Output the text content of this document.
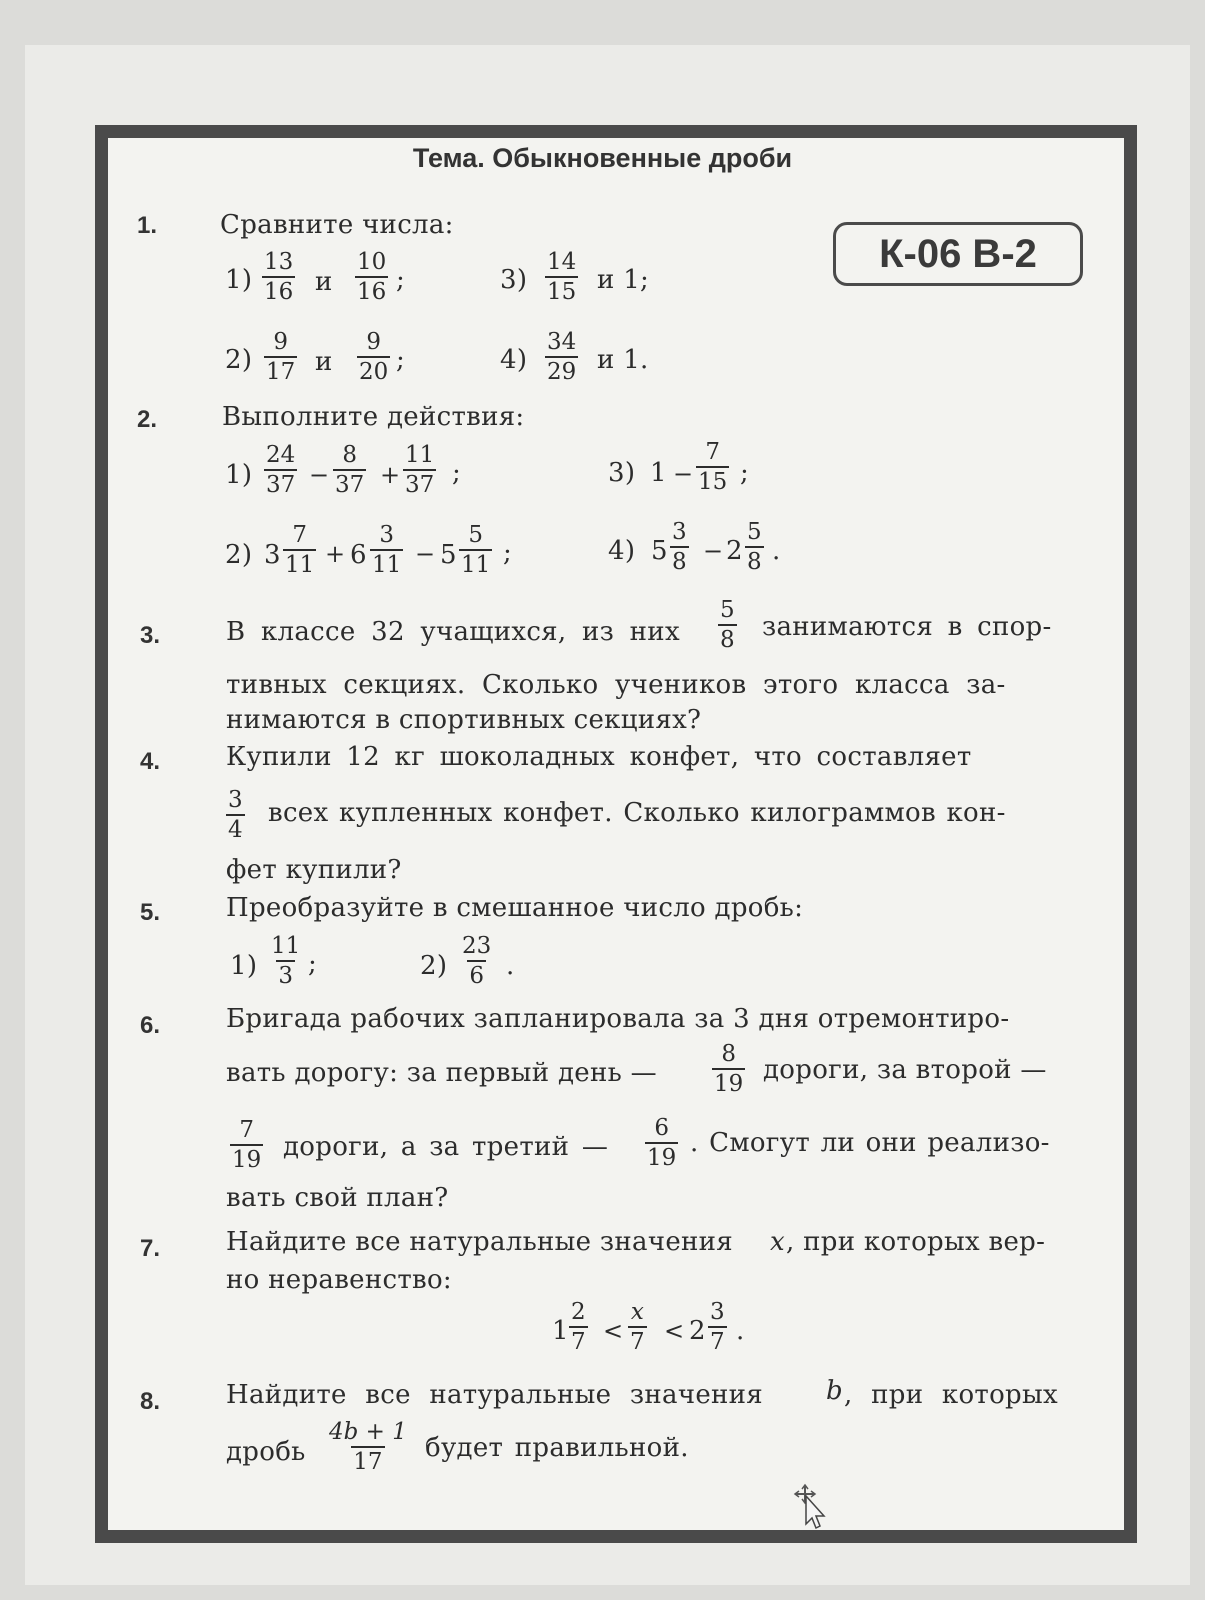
Тема. Обыкновенные дроби
К-06 В-2
1. Сравните числа:
$1) \frac{13}{16}$ и $\frac{10}{16}$ ;
$2) \frac{9}{17}$ и $\frac{9}{20}$ ;
$3) \frac{14}{15}$ и 1;
$4) \frac{34}{29}$ и 1.
2. Выполните действия:
$1) \frac{24}{37} - \frac{8}{37} + \frac{11}{37}$ ;
2) $3 \frac{7}{11} + 6 \frac{3}{11} - 5 \frac{5}{11}$ ;
3) $1 - \frac{7}{15}$ ;
4) $5 \frac{3}{8} - 2 \frac{5}{8}$ .
3.	В классе 32 учащихся, из них $\frac{5}{8}$ занимаются в спор-
тивных секциях. Сколько учеников этого класса за-
нимаются в спортивных секциях?
4.	Купили 12 кг шоколадных конфет, что составляет
$\frac{3}{4}$ всех купленных конфет. Сколько килограммов кон-
фет купили?
5.	Преобразуйте в смешанное число дробь:
$1) \frac{11}{3}$ ;	$2) \frac{23}{6}$ .
6.	Бригада рабочих запланировала за 3 дня отремонтиро-
вать дорогу: за первый день — $\frac{8}{19}$ дороги, за второй —
$\frac{7}{19}$ дороги, а за третий — $\frac{6}{19}$ . Смогут ли они реализо-
вать свой план?
7.	Найдите все натуральные значения x , при которых вер-
но неравенство:
$1 \frac{2}{7} < \frac{x}{7} < 2 \frac{3}{7}$ .
8.	Найдите все натуральные значения b , при которых
дробь $\frac{4b + 1}{17}$ будет правильной.
